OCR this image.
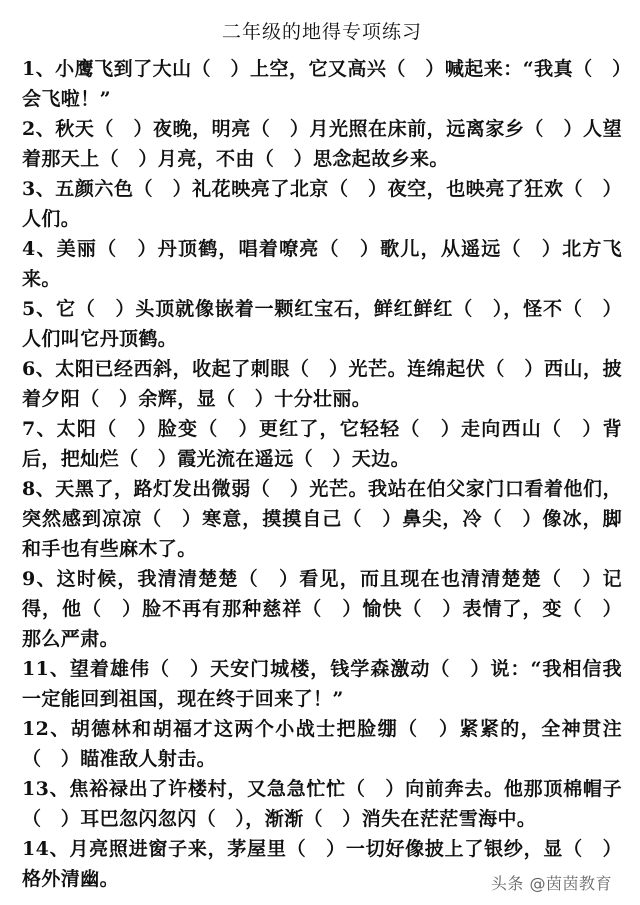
二年级的地得专项练习

1、小鹰飞到了大山（　）上空，它又高兴（　）喊起来：“我真（　）会飞啦！”

2、秋天（　）夜晚，明亮（　）月光照在床前，远离家乡（　）人望着那天上（　）月亮，不由（　）思念起故乡来。

3、五颜六色（　）礼花映亮了北京（　）夜空，也映亮了狂欢（　）人们。

4、美丽（　）丹顶鹤，唱着嘹亮（　）歌儿，从遥远（　）北方飞来。

5、它（　）头顶就像嵌着一颗红宝石，鲜红鲜红（　），怪不（　）人们叫它丹顶鹤。

6、太阳已经西斜，收起了刺眼（　）光芒。连绵起伏（　）西山，披着夕阳（　）余辉，显（　）十分壮丽。

7、太阳（　）脸变（　）更红了，它轻轻（　）走向西山（　）背后，把灿烂（　）霞光流在遥远（　）天边。

8、天黑了，路灯发出微弱（　）光芒。我站在伯父家门口看着他们，突然感到凉凉（　）寒意，摸摸自己（　）鼻尖，冷（　）像冰，脚和手也有些麻木了。

9、这时候，我清清楚楚（　）看见，而且现在也清清楚楚（　）记得，他（　）脸不再有那种慈祥（　）愉快（　）表情了，变（　）那么严肃。

11、望着雄伟（　）天安门城楼，钱学森激动（　）说：“我相信我一定能回到祖国，现在终于回来了！”

12、胡德林和胡福才这两个小战士把脸绷（　）紧紧的，全神贯注（　）瞄准敌人射击。

13、焦裕禄出了许楼村，又急急忙忙（　）向前奔去。他那顶棉帽子（　）耳巴忽闪忽闪（　），渐渐（　）消失在茫茫雪海中。

14、月亮照进窗子来，茅屋里（　）一切好像披上了银纱，显（　）格外清幽。	头条 @茵茵教育
